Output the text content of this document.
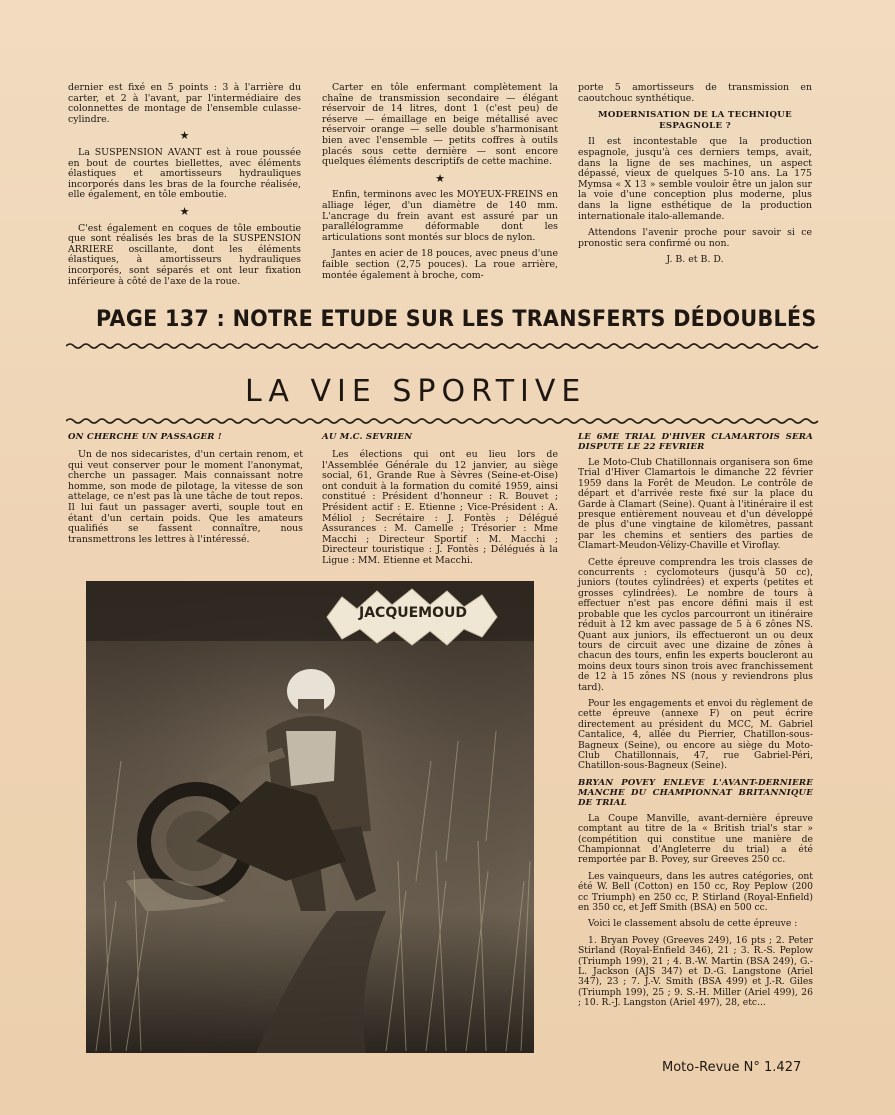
dernier est fixé en 5 points : 3 à l'arrière du carter, et 2 à l'avant, par l'intermédiaire des colonnettes de montage de l'ensemble culasse-cylindre.

★

La SUSPENSION AVANT est à roue poussée en bout de courtes biellettes, avec éléments élastiques et amortisseurs hydrauliques incorporés dans les bras de la fourche réalisée, elle également, en tôle emboutie.

★

C'est également en coques de tôle emboutie que sont réalisés les bras de la SUSPENSION ARRIERE oscillante, dont les éléments élastiques, à amortisseurs hydrauliques incorporés, sont séparés et ont leur fixation inférieure à côté de l'axe de la roue.

Carter en tôle enfermant complètement la chaîne de transmission secondaire — élégant réservoir de 14 litres, dont 1 (c'est peu) de réserve — émaillage en beige métallisé avec réservoir orange — selle double s'harmonisant bien avec l'ensemble — petits coffres à outils placés sous cette dernière — sont encore quelques éléments descriptifs de cette machine.

★

Enfin, terminons avec les MOYEUX-FREINS en alliage léger, d'un diamètre de 140 mm. L'ancrage du frein avant est assuré par un parallélogramme déformable dont les articulations sont montés sur blocs de nylon.

Jantes en acier de 18 pouces, avec pneus d'une faible section (2,75 pouces). La roue arrière, montée également à broche, com-

porte 5 amortisseurs de transmission en caoutchouc synthétique.

MODERNISATION DE LA TECHNIQUE ESPAGNOLE ?

Il est incontestable que la production espagnole, jusqu'à ces derniers temps, avait, dans la ligne de ses machines, un aspect dépassé, vieux de quelques 5-10 ans. La 175 Mymsa « X 13 » semble vouloir être un jalon sur la voie d'une conception plus moderne, plus dans la ligne esthétique de la production internationale italo-allemande.

Attendons l'avenir proche pour savoir si ce pronostic sera confirmé ou non.

J. B. et B. D.
PAGE 137 : NOTRE ETUDE SUR LES TRANSFERTS DÉDOUBLÉS
LA VIE SPORTIVE
ON CHERCHE UN PASSAGER !

Un de nos sidecaristes, d'un certain renom, et qui veut conserver pour le moment l'anonymat, cherche un passager. Mais connaissant notre homme, son mode de pilotage, la vitesse de son attelage, ce n'est pas là une tâche de tout repos. Il lui faut un passager averti, souple tout en étant d'un certain poids. Que les amateurs qualifiés se fassent connaître, nous transmettrons les lettres à l'intéressé.

AU M.C. SEVRIEN

Les élections qui ont eu lieu lors de l'Assemblée Générale du 12 janvier, au siège social, 61, Grande Rue à Sèvres (Seine-et-Oise) ont conduit à la formation du comité 1959, ainsi constitué : Président d'honneur : R. Bouvet ; Président actif : E. Etienne ; Vice-Président : A. Méliol ; Secrétaire : J. Fontès ; Délégué Assurances : M. Camelle ; Trésorier : Mme Macchi ; Directeur Sportif : M. Macchi ; Directeur touristique : J. Fontès ; Délégués à la Ligue : MM. Etienne et Macchi.

LE 6ME TRIAL D'HIVER CLAMARTOIS SERA DISPUTE LE 22 FEVRIER

Le Moto-Club Chatillonnais organisera son 6me Trial d'Hiver Clamartois le dimanche 22 février 1959 dans la Forêt de Meudon. Le contrôle de départ et d'arrivée reste fixé sur la place du Garde à Clamart (Seine). Quant à l'itinéraire il est presque entièrement nouveau et d'un développé de plus d'une vingtaine de kilomètres, passant par les chemins et sentiers des parties de Clamart-Meudon-Vélizy-Chaville et Viroflay.

Cette épreuve comprendra les trois classes de concurrents : cyclomoteurs (jusqu'à 50 cc), juniors (toutes cylindrées) et experts (petites et grosses cylindrées). Le nombre de tours à effectuer n'est pas encore défini mais il est probable que les cyclos parcourront un itinéraire réduit à 12 km avec passage de 5 à 6 zônes NS. Quant aux juniors, ils effectueront un ou deux tours de circuit avec une dizaine de zônes à chacun des tours, enfin les experts boucleront au moins deux tours sinon trois avec franchissement de 12 à 15 zônes NS (nous y reviendrons plus tard).

Pour les engagements et envoi du règlement de cette épreuve (annexe F) on peut écrire directement au président du MCC, M. Gabriel Cantalice, 4, allée du Pierrier, Chatillon-sous-Bagneux (Seine), ou encore au siège du Moto-Club Chatillonnais, 47, rue Gabriel-Péri, Chatillon-sous-Bagneux (Seine).

BRYAN POVEY ENLEVE L'AVANT-DERNIERE MANCHE DU CHAMPIONNAT BRITANNIQUE DE TRIAL

La Coupe Manville, avant-dernière épreuve comptant au titre de la « British trial's star » (compétition qui constitue une manière de Championnat d'Angleterre du trial) a été remportée par B. Povey, sur Greeves 250 cc.

Les vainqueurs, dans les autres catégories, ont été W. Bell (Cotton) en 150 cc, Roy Peplow (200 cc Triumph) en 250 cc, P. Stirland (Royal-Enfield) en 350 cc, et Jeff Smith (BSA) en 500 cc.

Voici le classement absolu de cette épreuve :

1. Bryan Povey (Greeves 249), 16 pts ; 2. Peter Stirland (Royal-Enfield 346), 21 ; 3. R.-S. Peplow (Triumph 199), 21 ; 4. B.-W. Martin (BSA 249), G.-L. Jackson (AJS 347) et D.-G. Langstone (Ariel 347), 23 ; 7. J.-V. Smith (BSA 499) et J.-R. Giles (Triumph 199), 25 ; 9. S.-H. Miller (Ariel 499), 26 ; 10. R.-J. Langston (Ariel 497), 28, etc...

JACQUEMOUD
Moto-Revue N° 1.427
